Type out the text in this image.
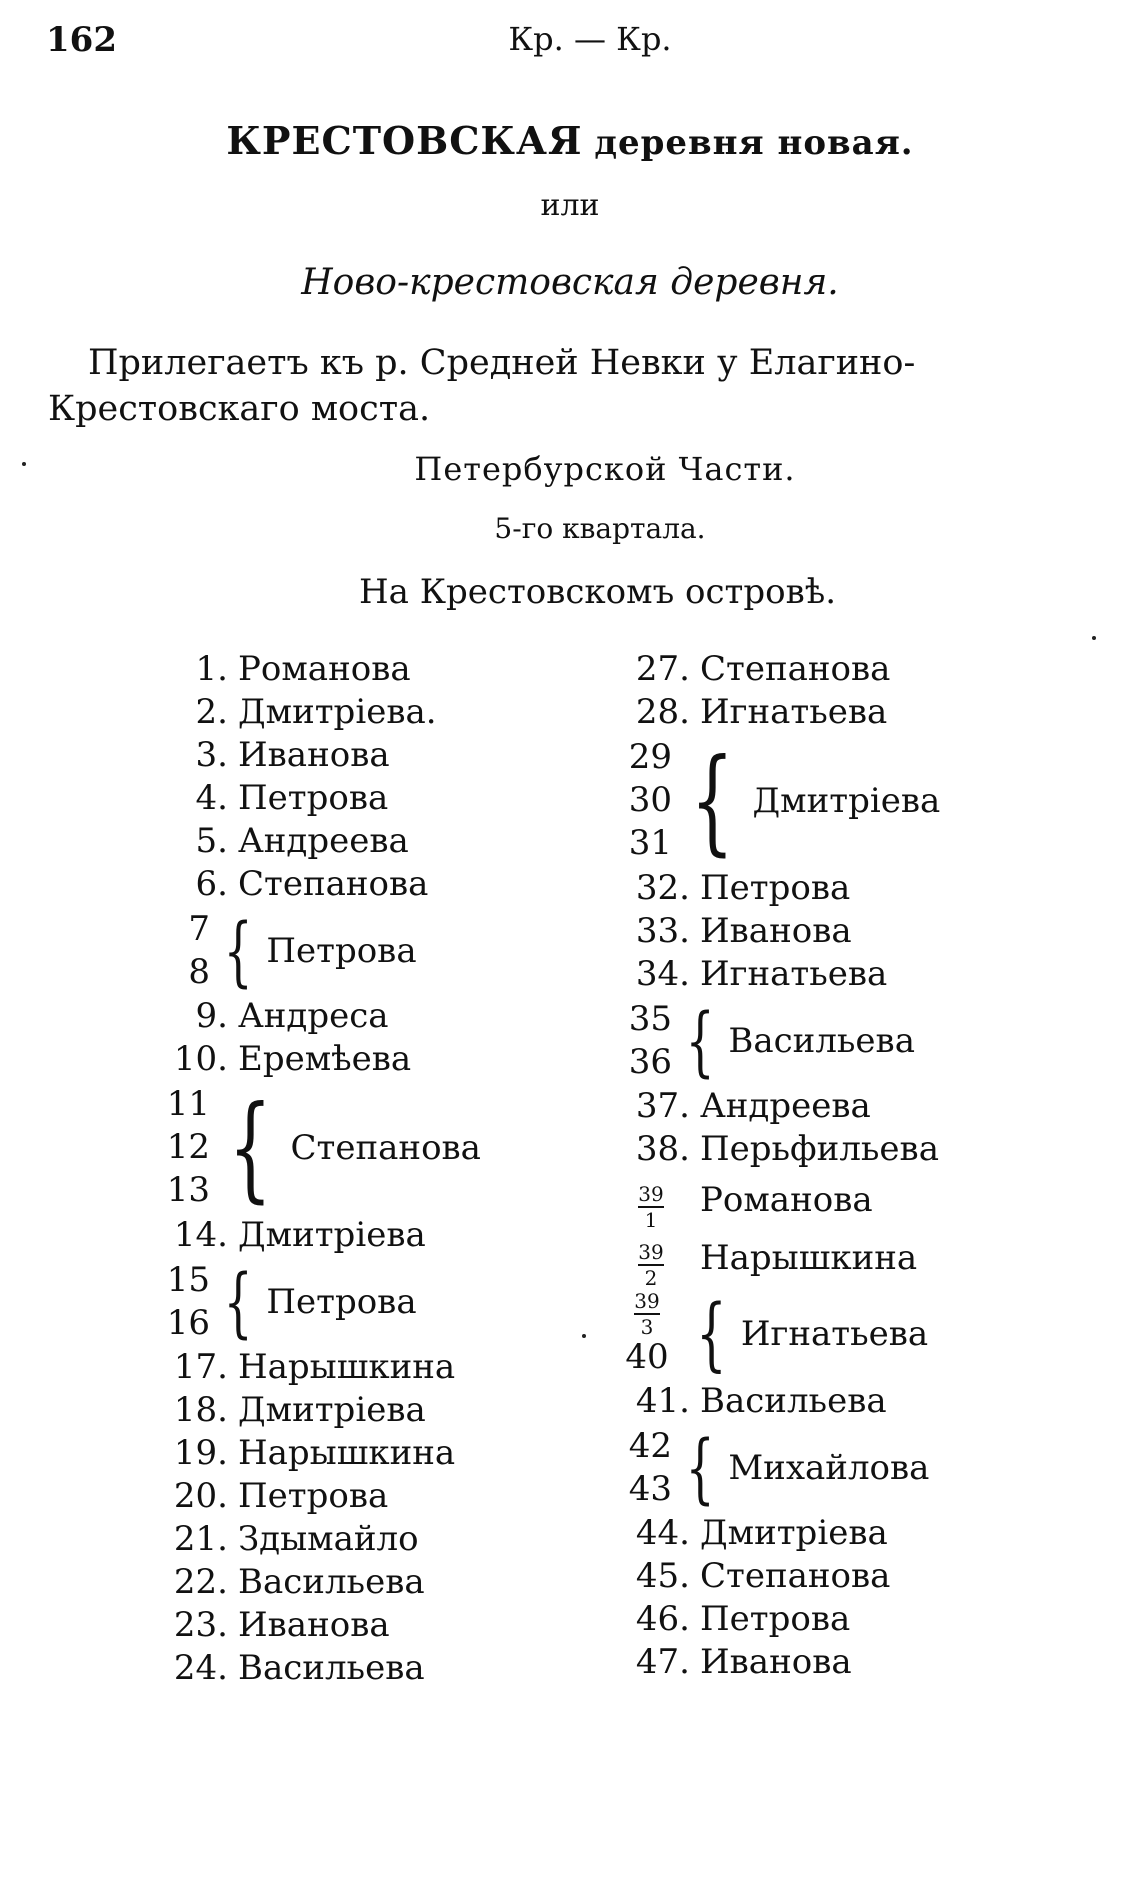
162	Кр. — Кр.
КРЕСТОВСКАЯ деревня новая.
или
Ново-крестовская деревня.
Прилегаетъ къ р. Средней Невки у Елагино-Крестовскаго моста.
Петербурской Части.
5-го квартала.
На Крестовскомъ островѣ.
1. Романова
2. Дмитрiева.
3. Иванова
4. Петрова
5. Андреева
6. Степанова
7
8 { Петрова
9. Андреса
10. Еремѣева
11
12
13 { Степанова
14. Дмитрiева
15
16 { Петрова
17. Нарышкина
18. Дмитрiева
19. Нарышкина
20. Петрова
21. Здымайло
22. Васильева
23. Иванова
24. Васильева
27. Степанова
28. Игнатьева
29
30
31 { Дмитрiева
32. Петрова
33. Иванова
34. Игнатьева
35
36 { Васильева
37. Андреева
38. Перьфильева
$\frac{39}{1}$ Романова
$\frac{39}{2}$ Нарышкина
$\frac{39}{3}$
40 { Игнатьева
41. Васильева
42
43 { Михайлова
44. Дмитрiева
45. Степанова
46. Петрова
47. Иванова
